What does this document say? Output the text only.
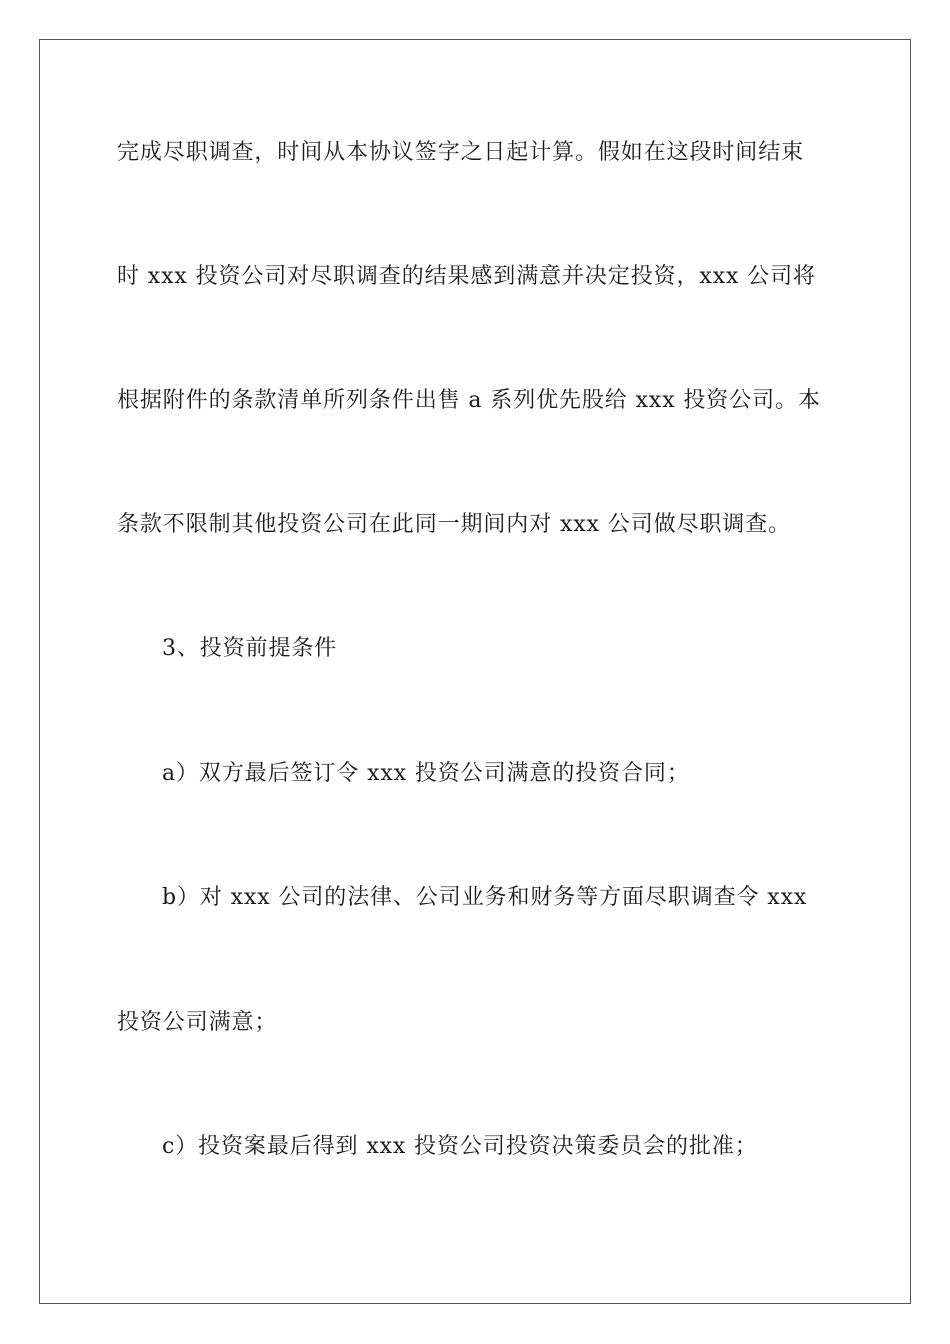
完成尽职调查，时间从本协议签字之日起计算。假如在这段时间结束
时 xxx 投资公司对尽职调查的结果感到满意并决定投资，xxx 公司将
根据附件的条款清单所列条件出售 a 系列优先股给 xxx 投资公司。本
条款不限制其他投资公司在此同一期间内对 xxx 公司做尽职调查。
3、投资前提条件
a）双方最后签订令 xxx 投资公司满意的投资合同；
b）对 xxx 公司的法律、公司业务和财务等方面尽职调查令 xxx
投资公司满意；
c）投资案最后得到 xxx 投资公司投资决策委员会的批准；
